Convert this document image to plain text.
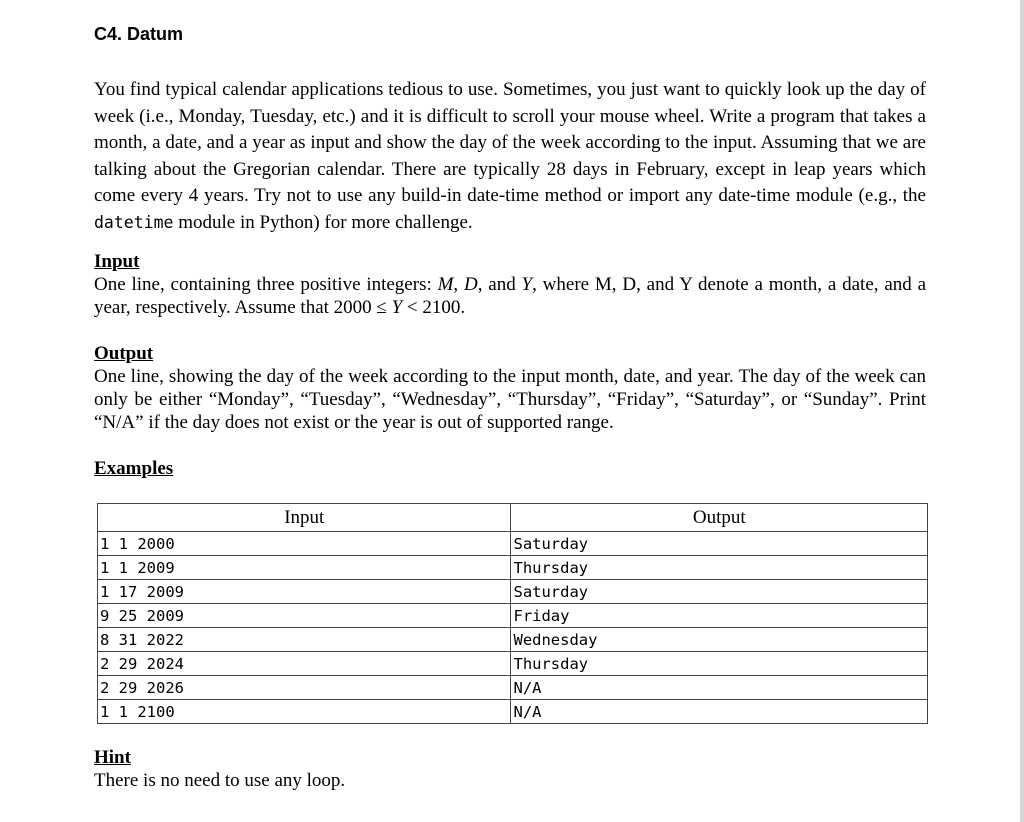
C4. Datum

You find typical calendar applications tedious to use. Sometimes, you just want to quickly look up the day of week (i.e., Monday, Tuesday, etc.) and it is difficult to scroll your mouse wheel. Write a program that takes a month, a date, and a year as input and show the day of the week according to the input. Assuming that we are talking about the Gregorian calendar. There are typically 28 days in February, except in leap years which come every 4 years. Try not to use any build-in date-time method or import any date-time module (e.g., the datetime module in Python) for more challenge.

Input

One line, containing three positive integers: M, D, and Y, where M, D, and Y denote a month, a date, and a year, respectively. Assume that 2000 ≤ Y < 2100.

Output

One line, showing the day of the week according to the input month, date, and year. The day of the week can only be either “Monday”, “Tuesday”, “Wednesday”, “Thursday”, “Friday”, “Saturday”, or “Sunday”. Print “N/A” if the day does not exist or the year is out of supported range.

Examples
Input	Output
1 1 2000	Saturday
1 1 2009	Thursday
1 17 2009	Saturday
9 25 2009	Friday
8 31 2022	Wednesday
2 29 2024	Thursday
2 29 2026	N/A
1 1 2100	N/A
Hint

There is no need to use any loop.
